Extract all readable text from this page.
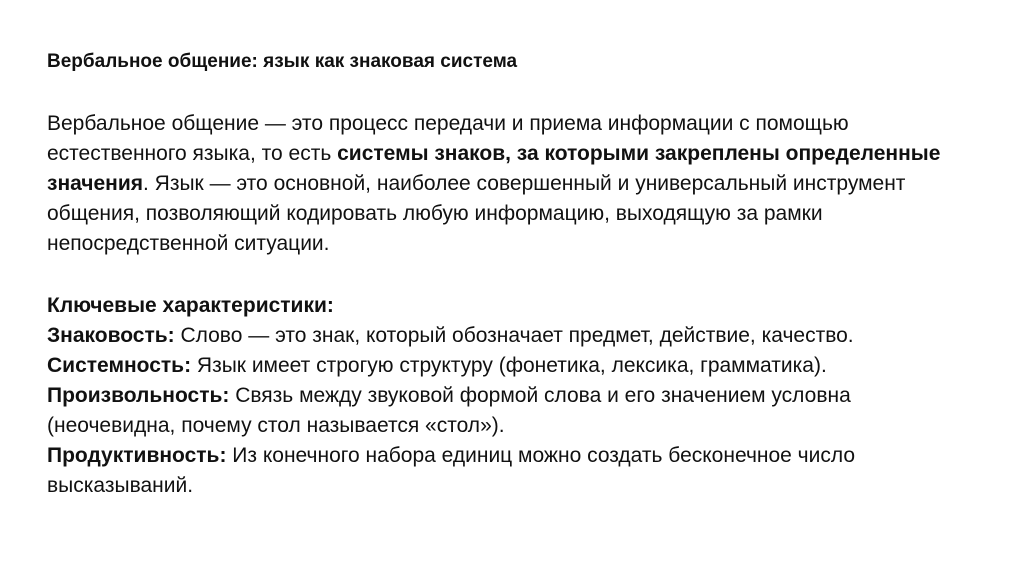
Вербальное общение: язык как знаковая система

Вербальное общение — это процесс передачи и приема информации с помощью естественного языка, то есть системы знаков, за которыми закреплены определенные значения. Язык — это основной, наиболее совершенный и универсальный инструмент общения, позволяющий кодировать любую информацию, выходящую за рамки непосредственной ситуации.

Ключевые характеристики:

Знаковость: Слово — это знак, который обозначает предмет, действие, качество.

Системность: Язык имеет строгую структуру (фонетика, лексика, грамматика).

Произвольность: Связь между звуковой формой слова и его значением условна (неочевидна, почему стол называется «стол»).

Продуктивность: Из конечного набора единиц можно создать бесконечное число высказываний.
